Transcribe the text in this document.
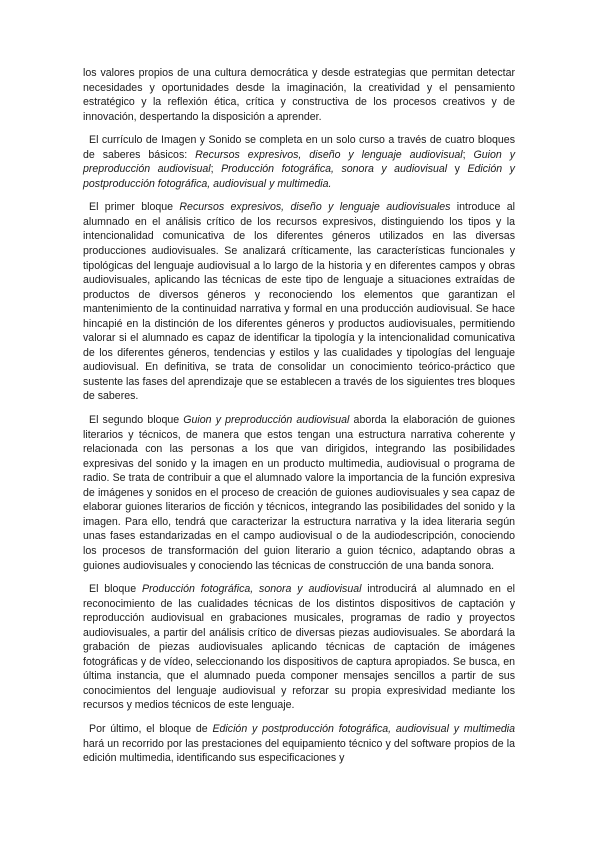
los valores propios de una cultura democrática y desde estrategias que permitan detectar necesidades y oportunidades desde la imaginación, la creatividad y el pensamiento estratégico y la reflexión ética, crítica y constructiva de los procesos creativos y de innovación, despertando la disposición a aprender.

El currículo de Imagen y Sonido se completa en un solo curso a través de cuatro bloques de saberes básicos: Recursos expresivos, diseño y lenguaje audiovisual; Guion y preproducción audiovisual; Producción fotográfica, sonora y audiovisual y Edición y postproducción fotográfica, audiovisual y multimedia.

El primer bloque Recursos expresivos, diseño y lenguaje audiovisuales introduce al alumnado en el análisis crítico de los recursos expresivos, distinguiendo los tipos y la intencionalidad comunicativa de los diferentes géneros utilizados en las diversas producciones audiovisuales. Se analizará críticamente, las características funcionales y tipológicas del lenguaje audiovisual a lo largo de la historia y en diferentes campos y obras audiovisuales, aplicando las técnicas de este tipo de lenguaje a situaciones extraídas de productos de diversos géneros y reconociendo los elementos que garantizan el mantenimiento de la continuidad narrativa y formal en una producción audiovisual. Se hace hincapié en la distinción de los diferentes géneros y productos audiovisuales, permitiendo valorar si el alumnado es capaz de identificar la tipología y la intencionalidad comunicativa de los diferentes géneros, tendencias y estilos y las cualidades y tipologías del lenguaje audiovisual. En definitiva, se trata de consolidar un conocimiento teórico-práctico que sustente las fases del aprendizaje que se establecen a través de los siguientes tres bloques de saberes.

El segundo bloque Guion y preproducción audiovisual aborda la elaboración de guiones literarios y técnicos, de manera que estos tengan una estructura narrativa coherente y relacionada con las personas a los que van dirigidos, integrando las posibilidades expresivas del sonido y la imagen en un producto multimedia, audiovisual o programa de radio. Se trata de contribuir a que el alumnado valore la importancia de la función expresiva de imágenes y sonidos en el proceso de creación de guiones audiovisuales y sea capaz de elaborar guiones literarios de ficción y técnicos, integrando las posibilidades del sonido y la imagen. Para ello, tendrá que caracterizar la estructura narrativa y la idea literaria según unas fases estandarizadas en el campo audiovisual o de la audiodescripción, conociendo los procesos de transformación del guion literario a guion técnico, adaptando obras a guiones audiovisuales y conociendo las técnicas de construcción de una banda sonora.

El bloque Producción fotográfica, sonora y audiovisual introducirá al alumnado en el reconocimiento de las cualidades técnicas de los distintos dispositivos de captación y reproducción audiovisual en grabaciones musicales, programas de radio y proyectos audiovisuales, a partir del análisis crítico de diversas piezas audiovisuales. Se abordará la grabación de piezas audiovisuales aplicando técnicas de captación de imágenes fotográficas y de vídeo, seleccionando los dispositivos de captura apropiados. Se busca, en última instancia, que el alumnado pueda componer mensajes sencillos a partir de sus conocimientos del lenguaje audiovisual y reforzar su propia expresividad mediante los recursos y medios técnicos de este lenguaje.

Por último, el bloque de Edición y postproducción fotográfica, audiovisual y multimedia hará un recorrido por las prestaciones del equipamiento técnico y del software propios de la edición multimedia, identificando sus especificaciones y
